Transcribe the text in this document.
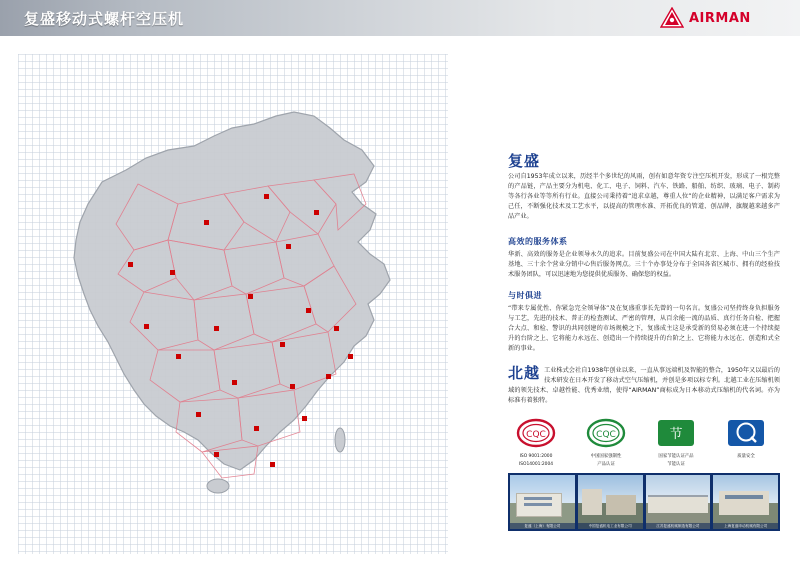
复盛移动式螺杆空压机	AIRMAN
复盛
公司自1953年成立以来，历经半个多世纪的风雨，创有如意年资专注空压机开发，形成了一根完整的产品链，产品主要分为机电、化工、电子、饲料、汽车、铁路、船舶、纺织、玻璃、电子、制药等各行各业等等所有行业。直接公司秉持着“追求卓越，尊重人位”的企业精神，以满足客户需求为己任，不断强化技术及工艺水平，以提高的管理水准、开拓优良的管道、创品牌，旗舰越来越多产品产业。
高效的服务体系
华新、高效的服务是企业领导永久的追求。目前复盛公司在中国大陆有北京、上海、中山三个生产基地、三十余个营业分销中心售后服务网点。三十个办事处分布于全国各省区城市、拥有的经验技术服务团队，可以迅速地为您提供优质服务、确保您的权益。
与时俱进
“带来专属优性、你紧急完全领导体”及在复盛重事长先曾的一句名言。复盛公司坚持终身负担服务与工艺，先进的技术、普正的检查测试、严密的管理，从百余能一流的品质、真行任务自检、把握合大点、和检、警识的共同创建的市场规模之下，复盛成主这是承受新的贸易必须在进一个持续提升的台阶之上、它将能力永远在、创造出一个持续提升的台阶之上、它将能力永远在、创造和式全新的事业。
北越 工业株式会社自1938年创业以来，一直从事远端机及智能的整合，1950年又以最后的技术研发在日本开发了移动式空气压缩机，并创是多项以标专利。北越工业在压缩机领域的领先技术、卓越性能、优秀业绩，使得“AIRMAN”商标成为日本移动式压缩机的代名词。亦为标准有着独特。
CQC
ISO 9001:2000
ISO14001:2004
CQC
中国国家强制性
产品认证
节
国家节能认证产品
节能认证
质量安全
复盛（上海）有限公司	中国复盛机电工业有限公司	江苏复盛机械制造有限公司	上海复盛申动机械有限公司
